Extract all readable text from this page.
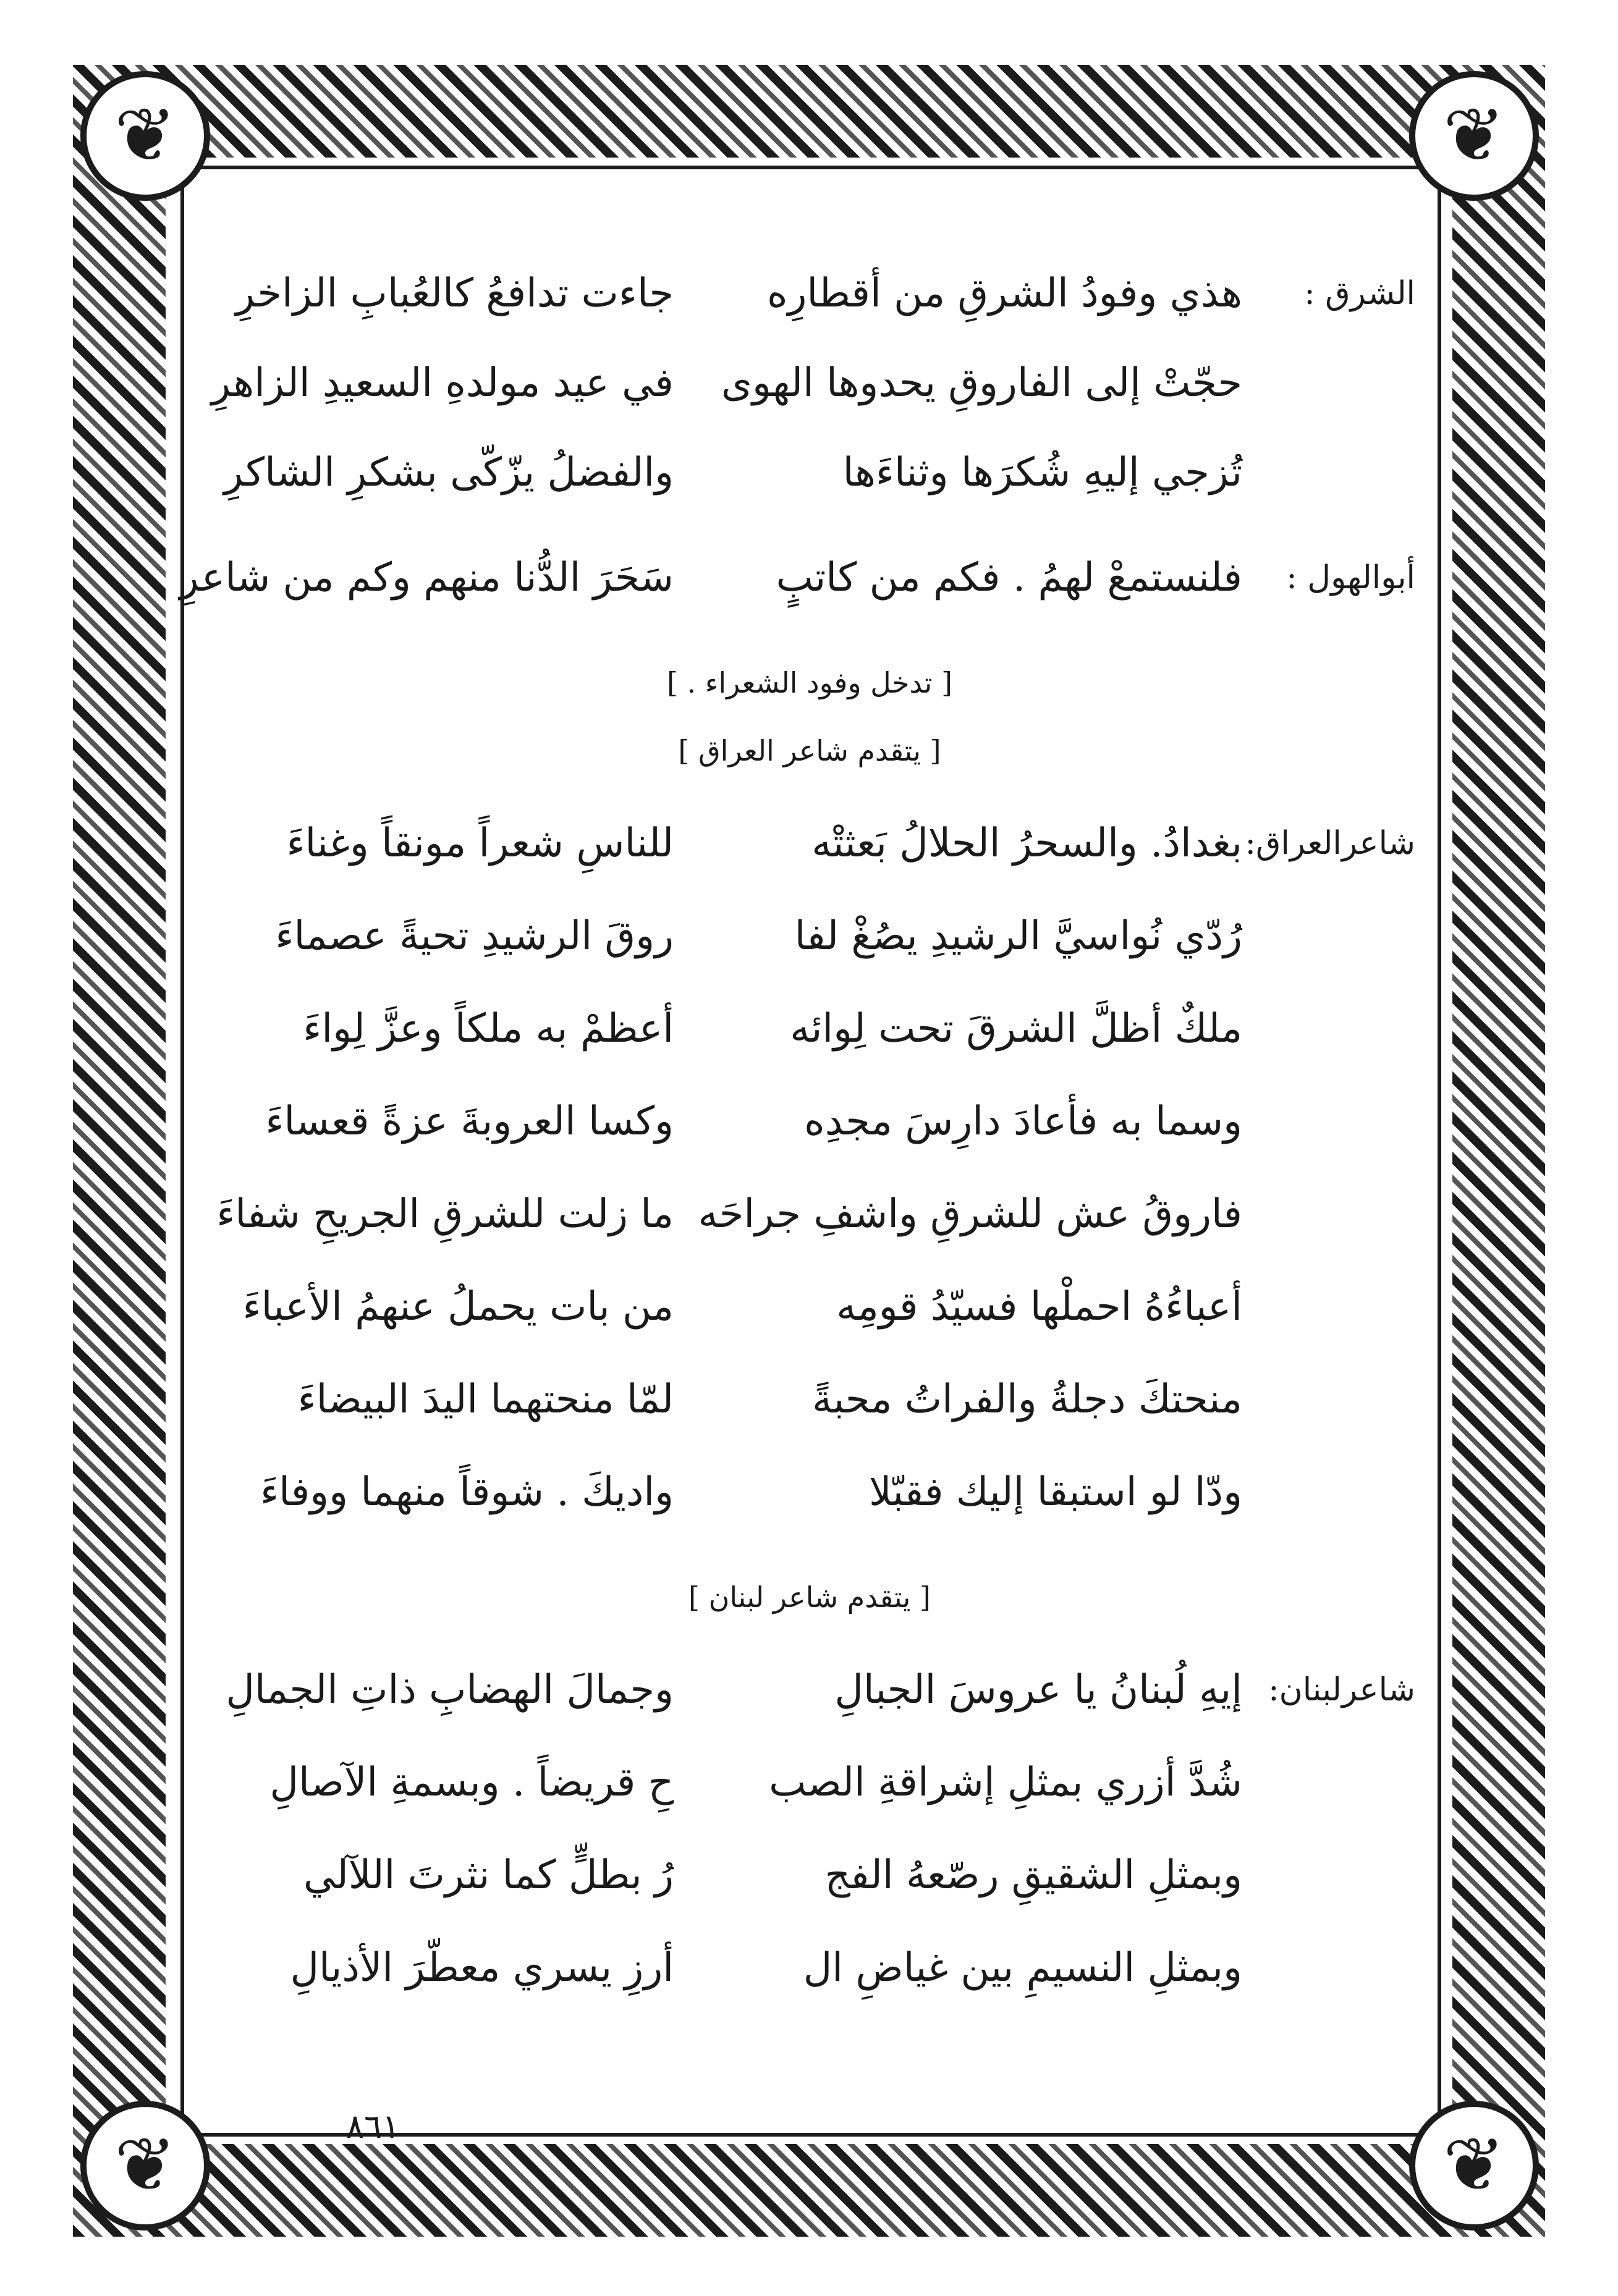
❦	❦
❦	❦
الشرق :
هذي وفودُ الشرقِ من أقطارِه
جاءت تدافعُ كالعُبابِ الزاخرِ
حجّتْ إلى الفاروقِ يحدوها الهوى
في عيد مولدهِ السعيدِ الزاهرِ
تُزجي إليهِ شُكرَها وثناءَها
والفضلُ يزّكّى بشكرِ الشاكرِ
أبوالهول :
فلنستمعْ لهمُ . فكم من كاتبٍ
سَحَرَ الدُّنا منهم وكم من شاعرِ
[ تدخل وفود الشعراء . ]
[ يتقدم شاعر العراق ]
شاعرالعراق:
بغدادُ. والسحرُ الحلالُ بَعثتْه
للناسِ شعراً مونقاً وغناءَ
رُدّي نُواسيَّ الرشيدِ يصُغْ لفا
روقَ الرشيدِ تحيةً عصماءَ
ملكٌ أظلَّ الشرقَ تحت لِوائه
أعظمْ به ملكاً وعزَّ لِواءَ
وسما به فأعادَ دارِسَ مجدِه
وكسا العروبةَ عزةً قعساءَ
فاروقُ عش للشرقِ واشفِ جراحَه
ما زلت للشرقِ الجريحِ شفاءَ
أعباءُهُ احملْها فسيّدُ قومِه
من بات يحملُ عنهمُ الأعباءَ
منحتكَ دجلةُ والفراتُ محبةً
لمّا منحتهما اليدَ البيضاءَ
ودّا لو استبقا إليك فقبّلا
واديكَ . شوقاً منهما ووفاءَ
[ يتقدم شاعر لبنان ]
شاعرلبنان:
إيهِ لُبنانُ يا عروسَ الجبالِ
وجمالَ الهضابِ ذاتِ الجمالِ
شُدَّ أزري بمثلِ إشراقةِ الصب
حِ قريضاً . وبسمةِ الآصالِ
وبمثلِ الشقيقِ رصّعهُ الفج
رُ بطلٍّ كما نثرتَ اللآلي
وبمثلِ النسيمِ بين غياضِ ال
أرزِ يسري معطّرَ الأذيالِ
٨٦١
